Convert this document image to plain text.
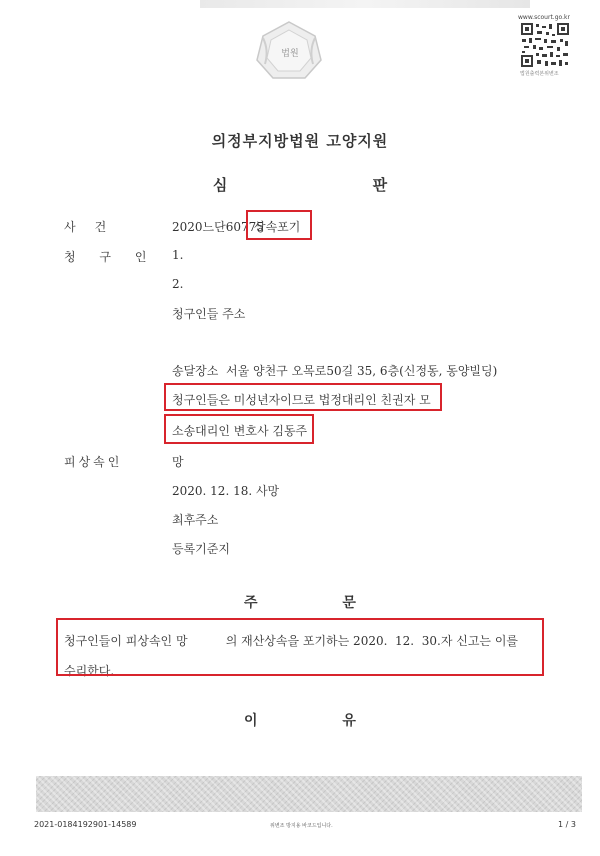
법원
www.scourt.go.kr
법원출력본위변조
의정부지방법원 고양지원
심 판
사     건	2020느단60775
상속포기
청 구 인 1.
2.
청구인들 주소
송달장소  서울 양천구 오목로50길 35, 6층(신정동, 동양빌딩)
청구인들은 미성년자이므로 법정대리인 친권자 모
소송대리인 변호사 김동주
피상속인	망
2020. 12. 18. 사망
최후주소
등록기준지
주 문
청구인들이 피상속인 망          의 재산상속을 포기하는 2020.  12.  30.자 신고는 이를
수리한다.
이 유
2021-0184192901-14589	위변조 방지용 바코드입니다.	1 / 3
